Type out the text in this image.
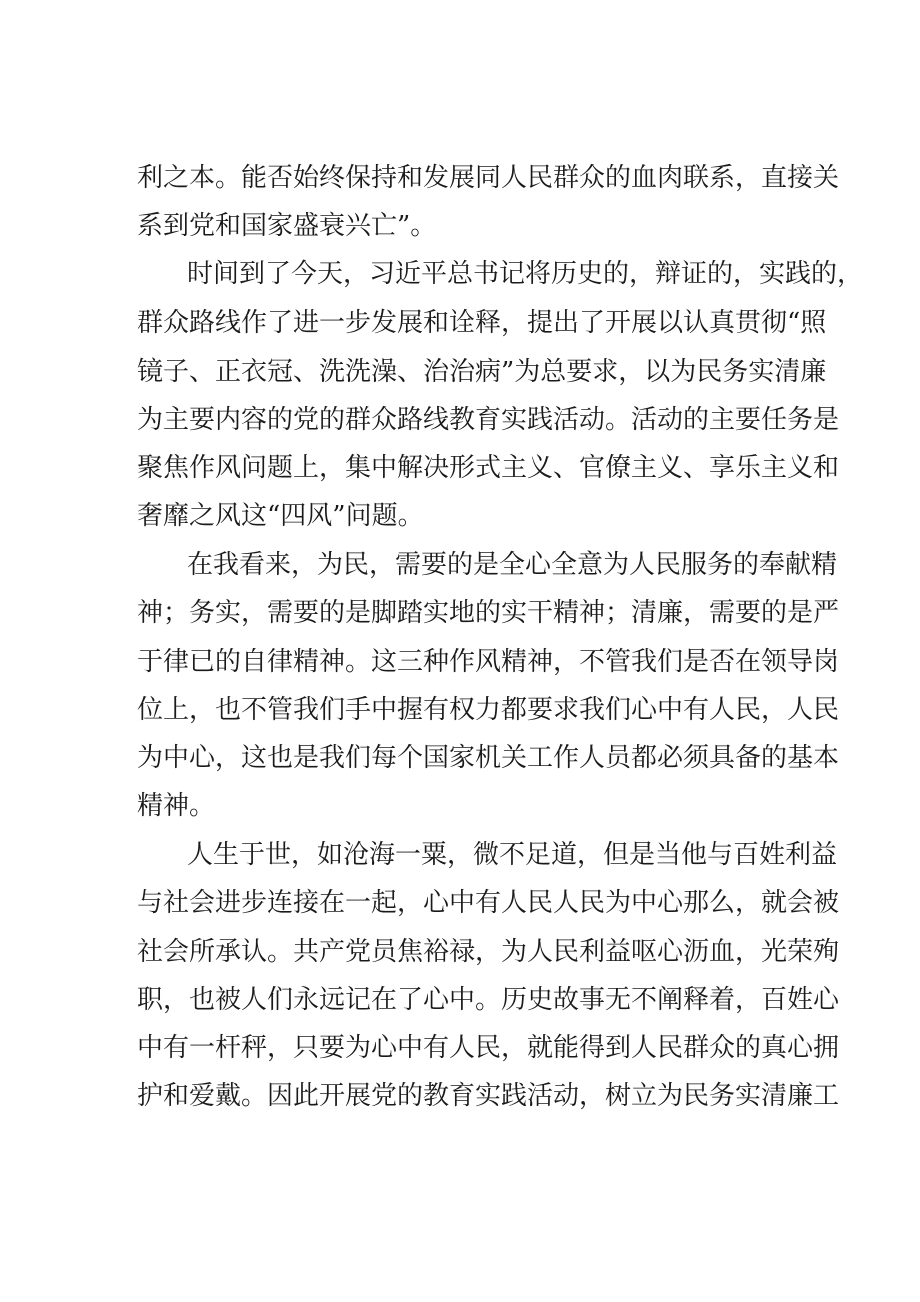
利之本。能否始终保持和发展同人民群众的血肉联系，直接关
系到党和国家盛衰兴亡”。
时间到了今天，习近平总书记将历史的，辩证的，实践的，
群众路线作了进一步发展和诠释，提出了开展以认真贯彻“照
镜子、正衣冠、洗洗澡、治治病”为总要求，以为民务实清廉
为主要内容的党的群众路线教育实践活动。活动的主要任务是
聚焦作风问题上，集中解决形式主义、官僚主义、享乐主义和
奢靡之风这“四风”问题。
在我看来，为民，需要的是全心全意为人民服务的奉献精
神；务实，需要的是脚踏实地的实干精神；清廉，需要的是严
于律已的自律精神。这三种作风精神，不管我们是否在领导岗
位上，也不管我们手中握有权力都要求我们心中有人民，人民
为中心，这也是我们每个国家机关工作人员都必须具备的基本
精神。
人生于世，如沧海一粟，微不足道，但是当他与百姓利益
与社会进步连接在一起，心中有人民人民为中心那么，就会被
社会所承认。共产党员焦裕禄，为人民利益呕心沥血，光荣殉
职，也被人们永远记在了心中。历史故事无不阐释着，百姓心
中有一杆秤，只要为心中有人民，就能得到人民群众的真心拥
护和爱戴。因此开展党的教育实践活动，树立为民务实清廉工
